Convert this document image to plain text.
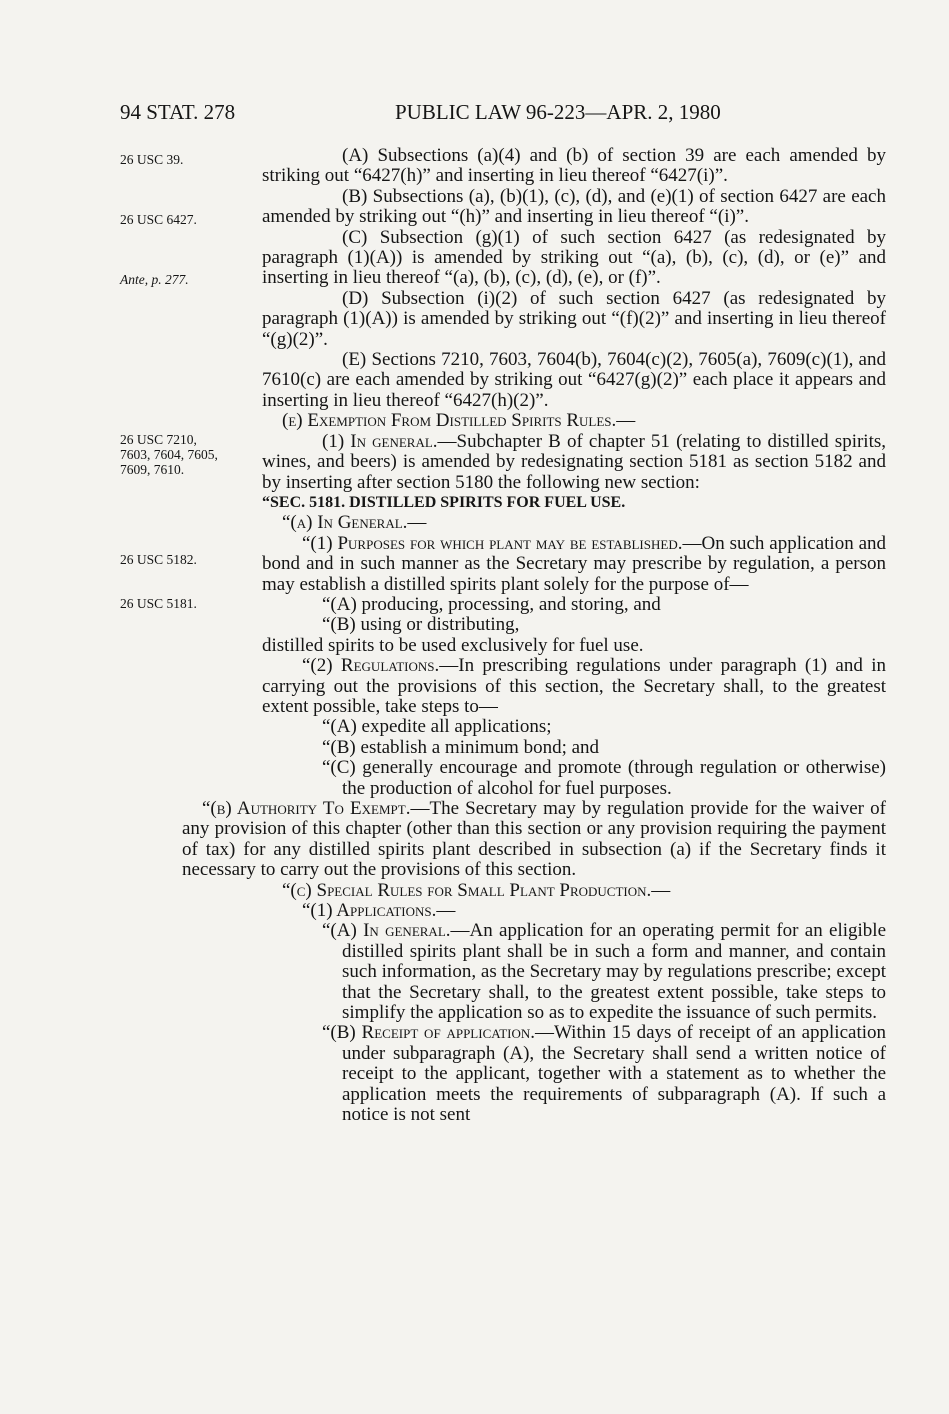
94 STAT. 278	PUBLIC LAW 96-223—APR. 2, 1980
26 USC 39.
26 USC 6427.
Ante, p. 277.
26 USC 7210,
7603, 7604, 7605,
7609, 7610.
26 USC 5182.
26 USC 5181.

(A) Subsections (a)(4) and (b) of section 39 are each amended by striking out “6427(h)” and inserting in lieu thereof “6427(i)”.

(B) Subsections (a), (b)(1), (c), (d), and (e)(1) of section 6427 are each amended by striking out “(h)” and inserting in lieu thereof “(i)”.

(C) Subsection (g)(1) of such section 6427 (as redesignated by paragraph (1)(A)) is amended by striking out “(a), (b), (c), (d), or (e)” and inserting in lieu thereof “(a), (b), (c), (d), (e), or (f)”.

(D) Subsection (i)(2) of such section 6427 (as redesignated by paragraph (1)(A)) is amended by striking out “(f)(2)” and inserting in lieu thereof “(g)(2)”.

(E) Sections 7210, 7603, 7604(b), 7604(c)(2), 7605(a), 7609(c)(1), and 7610(c) are each amended by striking out “6427(g)(2)” each place it appears and inserting in lieu thereof “6427(h)(2)”.

(e) Exemption From Distilled Spirits Rules.—

(1) In general.—Subchapter B of chapter 51 (relating to distilled spirits, wines, and beers) is amended by redesignating section 5181 as section 5182 and by inserting after section 5180 the following new section:

“SEC. 5181. DISTILLED SPIRITS FOR FUEL USE.

“(a) In General.—

“(1) Purposes for which plant may be established.—On such application and bond and in such manner as the Secretary may prescribe by regulation, a person may establish a distilled spirits plant solely for the purpose of—

“(A) producing, processing, and storing, and

“(B) using or distributing,

distilled spirits to be used exclusively for fuel use.

“(2) Regulations.—In prescribing regulations under paragraph (1) and in carrying out the provisions of this section, the Secretary shall, to the greatest extent possible, take steps to—

“(A) expedite all applications;

“(B) establish a minimum bond; and

“(C) generally encourage and promote (through regulation or otherwise) the production of alcohol for fuel purposes.

“(b) Authority To Exempt.—The Secretary may by regulation provide for the waiver of any provision of this chapter (other than this section or any provision requiring the payment of tax) for any distilled spirits plant described in subsection (a) if the Secretary finds it necessary to carry out the provisions of this section.

“(c) Special Rules for Small Plant Production.—

“(1) Applications.—

“(A) In general.—An application for an operating permit for an eligible distilled spirits plant shall be in such a form and manner, and contain such information, as the Secretary may by regulations prescribe; except that the Secretary shall, to the greatest extent possible, take steps to simplify the application so as to expedite the issuance of such permits.

“(B) Receipt of application.—Within 15 days of receipt of an application under subparagraph (A), the Secretary shall send a written notice of receipt to the applicant, together with a statement as to whether the application meets the requirements of subparagraph (A). If such a notice is not sent
